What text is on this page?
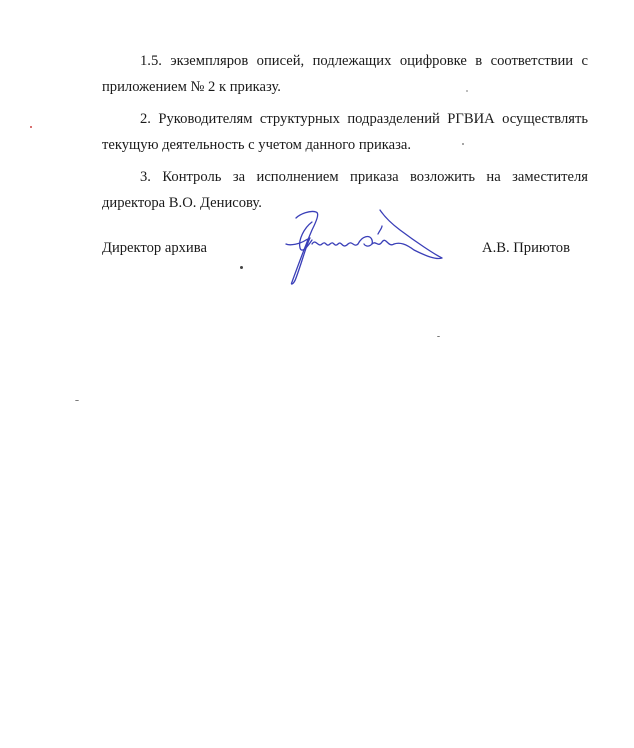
1.5. экземпляров описей, подлежащих оцифровке в соответствии с приложением № 2 к приказу.

2. Руководителям структурных подразделений РГВИА осуществлять текущую деятельность с учетом данного приказа.

3. Контроль за исполнением приказа возложить на заместителя директора В.О. Денисову.

Директор архива	А.В. Приютов
